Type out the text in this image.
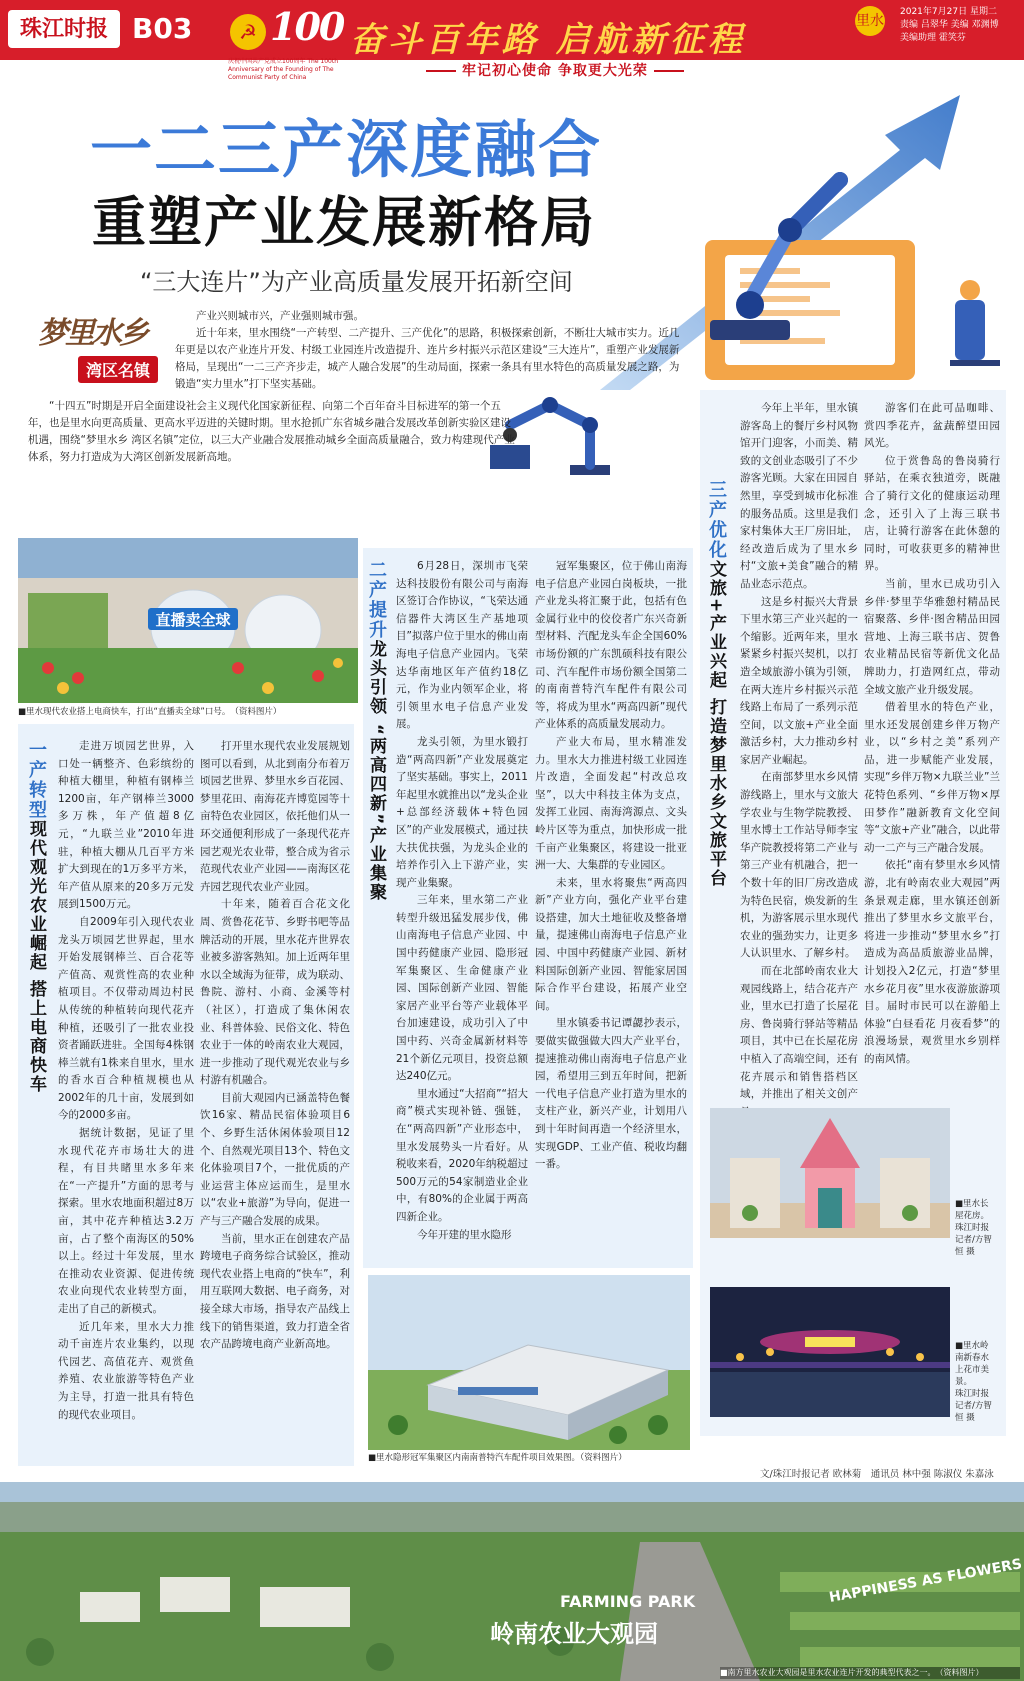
珠江时报 B03	☭ 100 奋斗百年路 启航新征程	里水
2021年7月27日 星期二
责编 吕翠华 美编 邓渊博
美编助理 霍笑芬
庆祝中国共产党成立100周年 The 100th Anniversary of the Founding of The Communist Party of China	牢记初心使命 争取更大光荣
一二三产深度融合
重塑产业发展新格局
“三大连片”为产业高质量发展开拓新空间
梦里水乡
湾区名镇

产业兴则城市兴，产业强则城市强。

近十年来，里水围绕“一产转型、二产提升、三产优化”的思路，积极探索创新，不断壮大城市实力。近几年更是以农产业连片开发、村级工业园连片改造提升、连片乡村振兴示范区建设“三大连片”，重塑产业发展新格局，呈现出“一二三产齐步走，城产人融合发展”的生动局面，探索一条具有里水特色的高质量发展之路，为锻造“实力里水”打下坚实基础。

“十四五”时期是开启全面建设社会主义现代化国家新征程、向第二个百年奋斗目标进军的第一个五年，也是里水向更高质量、更高水平迈进的关键时期。里水抢抓广东省城乡融合发展改革创新实验区建设机遇，围绕“梦里水乡 湾区名镇”定位，以三大产业融合发展推动城乡全面高质量融合，致力构建现代产业体系，努力打造成为大湾区创新发展新高地。

直播卖全球
■里水现代农业搭上电商快车，打出“直播卖全球”口号。　（资料图片）
一产转型现代观光农业崛起 搭上电商快车

走进万顷园艺世界，入口处一辆整齐、色彩缤纷的种植大棚里，种植有钢棒兰1200亩，年产钢棒兰3000多万株，年产值超8亿元，“九联兰业”2010年进驻，种植大棚从几百平方米扩大到现在的1万多平方米，年产值从原来的20多万元发展到1500万元。

自2009年引入现代农业龙头万顷园艺世界起，里水开始发展钢棒兰、百合花等产值高、观赏性高的农业种植项目。不仅带动周边村民从传统的种植转向现代花卉种植，还吸引了一批农业投资者踊跃进驻。全国每4株钢棒兰就有1株来自里水，里水的香水百合种植规模也从2002年的几十亩，发展到如今的2000多亩。

据统计数据，见证了里水现代花卉市场壮大的进程，有目共睹里水多年来在“一产提升”方面的思考与探索。里水农地面积超过8万亩，其中花卉种植达3.2万亩，占了整个南海区的50%以上。经过十年发展，里水在推动农业资源、促进传统农业向现代农业转型方面，走出了自己的新模式。

近几年来，里水大力推动千亩连片农业集约，以现代园艺、高值花卉、观赏鱼养殖、农业旅游等特色产业为主导，打造一批具有特色的现代农业项目。

打开里水现代农业发展规划图可以看到，从北到南分布着万顷园艺世界、梦里水乡百花园、梦里花田、南海花卉博览园等十亩特色农业园区，依托他们从一环交通便利形成了一条现代花卉园艺观光农业带，整合成为省示范现代农业产业园——南海区花卉园艺现代农业产业园。

十年来，随着百合花文化周、赏鲁花花节、乡野书吧等品牌活动的开展，里水花卉世界农业被多游客熟知。加上近两年里水以全域海为征带，成为联动、鲁院、游村、小商、金溪等村（社区），打造成了集休闲农业、科普体验、民俗文化、特色农业于一体的岭南农业大观园，进一步推动了现代观光农业与乡村游有机融合。

目前大观园内已涵盖特色餐饮16家、精品民宿体验项目6个、乡野生活休闲体验项目12个、自然观光项目13个、特色文化体验项目7个，一批优质的产业运营主体应运而生，是里水以“农业+旅游”为导向，促进一产与三产融合发展的成果。

当前，里水正在创建农产品跨境电子商务综合试验区，推动现代农业搭上电商的“快车”，利用互联网大数据、电子商务，对接全球大市场，指导农产品线上线下的销售渠道，致力打造全省农产品跨境电商产业新高地。

二产提升龙头引领 “两高四新”产业集聚

6月28日，深圳市飞荣达科技股份有限公司与南海区签订合作协议，“飞荣达通信器件大湾区生产基地项目”拟落户位于里水的佛山南海电子信息产业园内。飞荣达华南地区年产值约18亿元，作为业内领军企业，将引领里水电子信息产业发展。

龙头引领，为里水锻打造“两高四新”产业发展奠定了坚实基础。事实上，2011年起里水就推出以“龙头企业+总部经济载体+特色园区”的产业发展模式，通过扶大扶优扶强，为龙头企业的培养作引入上下游产业，实现产业集聚。

三年来，里水第二产业转型升级迅猛发展步伐，佛山南海电子信息产业园、中国中药健康产业园、隐形冠军集聚区、生命健康产业园、国际创新产业园、智能家居产业平台等产业载体平台加速建设，成功引入了中国中药、兴奇金属新材料等21个新亿元项目，投资总额达240亿元。

里水通过“大招商”“招大商”模式实现补链、强链，在“两高四新”产业形态中，里水发展势头一片看好。从税收来看，2020年纳税超过500万元的54家制造业企业中，有80%的企业属于两高四新企业。

今年开建的里水隐形

冠军集聚区，位于佛山南海电子信息产业园白岗板块，一批产业龙头将汇聚于此，包括有色金属行业中的佼佼者广东兴奇新型材料、汽配龙头车企全国60%市场份额的广东凯硕科技有限公司、汽车配件市场份额全国第二的南南普特汽车配件有限公司等，将成为里水“两高四新”现代产业体系的高质量发展动力。

产业大布局，里水精准发力。里水大力推进村级工业园连片改造，全面发起“村改总攻坚”，以大中科技主体为支点，发挥工业园、南海湾源点、文头岭片区等为重点，加快形成一批千亩产业集聚区，将建设一批亚洲一大、大集群的专业园区。

未来，里水将聚焦“两高四新”产业方向，强化产业平台建设搭建，加大土地征收及整备增量，提速佛山南海电子信息产业园、中国中药健康产业园、新材料国际创新产业园、智能家居国际合作平台建设，拓展产业空间。

里水镇委书记谭勰抄表示，要做实做强做大四大产业平台，提速推动佛山南海电子信息产业园，希望用三到五年时间，把新一代电子信息产业打造为里水的支柱产业，新兴产业，计划用八到十年时间再造一个经济里水，实现GDP、工业产值、税收均翻一番。

■里水隐形冠军集聚区内南南普特汽车配件项目效果图。（资料图片）
三产优化文旅+产业兴起 打造梦里水乡文旅平台

今年上半年，里水镇游客岛上的餐厅乡村风物馆开门迎客，小而美、精致的文创业态吸引了不少游客光顾。大家在田园自然里，享受到城市化标准的服务品质。这里是我们家村集体大王厂房旧址，经改造后成为了里水乡村“文旅+美食”融合的精品业态示范点。

这是乡村振兴大背景下里水第三产业兴起的一个缩影。近两年来，里水紧紧乡村振兴契机，以打造全域旅游小镇为引领，在两大连片乡村振兴示范线路上布局了一系列示范空间，以文旅+产业全面激活乡村，大力推动乡村家居产业崛起。

在南部梦里水乡风情游线路上，里水与文旅大学农业与生物学院教授、里水博士工作站导师李宝华产院教授将第二产业与第三产业有机融合，把一个数十年的旧厂房改造成为特色民宿，焕发新的生机，为游客展示里水现代农业的强劲实力，让更多人认识里水、了解乡村。

而在北部岭南农业大观园线路上，结合花卉产业，里水已打造了长屋花房、鲁岗骑行驿站等精品项目，其中已在长屋花房中植入了高端空间，还有花卉展示和销售搭档区域，并推出了相关文创产

游客们在此可品咖啡、赏四季花卉，盆蔬醉望田园风光。

位于赏鲁岛的鲁岗骑行驿站，在乘衣独道旁，既融合了骑行文化的健康运动理念，还引入了上海三联书店，让骑行游客在此休憩的同时，可收获更多的精神世界。

当前，里水已成功引入乡伴·梦里芋华雅憩村精品民宿聚落、乡伴·图舍精品田园营地、上海三联书店、贺鲁农业精品民宿等新优文化品牌助力，打造网红点，带动全域文旅产业升级发展。

借着里水的特色产业，里水还发展创建乡伴万物产业，以“乡村之美”系列产品，进一步赋能产业发展，实现“乡伴万物×九联兰业”兰花特色系列、“乡伴万物×厚田梦作”融新教育文化空间等“文旅+产业”融合，以此带动一二产与三产融合发展。

依托“南有梦里水乡风情游，北有岭南农业大观园”两条景观走廊，里水镇还创新推出了梦里水乡文旅平台，将进一步推动“梦里水乡”打造成为高品质旅游业品牌，计划投入2亿元，打造“梦里水乡花月夜”里水夜游旅游项目。届时市民可以在游船上体验“白昼看花 月夜看梦”的浪漫场景，观赏里水乡别样的南风情。

■里水长
屋花房。
珠江时报
记者/方智
恒 摄
■里水岭
南新春水
上花市美
景。
珠江时报
记者/方智
恒 摄
文/珠江时报记者 欧林菊　通讯员 林中强 陈淑仪 朱嘉泳
FARMING PARK
岭南农业大观园
HAPPINESS AS FLOWERS
■南方里水农业大观园是里水农业连片开发的典型代表之一。　（资料图片）
